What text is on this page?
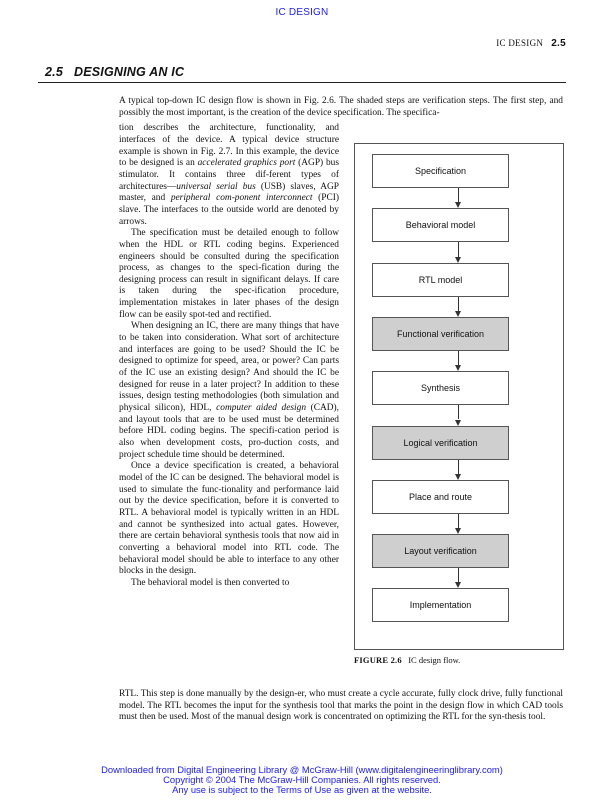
IC DESIGN
IC DESIGN 2.5
2.5   DESIGNING AN IC
A typical top-down IC design flow is shown in Fig. 2.6. The shaded steps are verification steps. The first step, and possibly the most important, is the creation of the device specification. The specifica-

tion describes the architecture, functionality, and interfaces of the device. A typical device structure example is shown in Fig. 2.7. In this example, the device to be designed is an accelerated graphics port (AGP) bus stimulator. It contains three dif-ferent types of architectures—universal serial bus (USB) slaves, AGP master, and peripheral com-ponent interconnect (PCI) slave. The interfaces to the outside world are denoted by arrows.

The specification must be detailed enough to follow when the HDL or RTL coding begins. Experienced engineers should be consulted during the specification process, as changes to the speci-fication during the designing process can result in significant delays. If care is taken during the spec-ification procedure, implementation mistakes in later phases of the design flow can be easily spot-ted and rectified.

When designing an IC, there are many things that have to be taken into consideration. What sort of architecture and interfaces are going to be used? Should the IC be designed to optimize for speed, area, or power? Can parts of the IC use an existing design? And should the IC be designed for reuse in a later project? In addition to these issues, design testing methodologies (both simulation and physical silicon), HDL, computer aided design (CAD), and layout tools that are to be used must be determined before HDL coding begins. The specifi-cation period is also when development costs, pro-duction costs, and project schedule time should be determined.

Once a device specification is created, a behavioral model of the IC can be designed. The behavioral model is used to simulate the func-tionality and performance laid out by the device specification, before it is converted to RTL. A behavioral model is typically written in an HDL and cannot be synthesized into actual gates. However, there are certain behavioral synthesis tools that now aid in converting a behavioral model into RTL code. The behavioral model should be able to interface to any other blocks in the design.

The behavioral model is then converted to

RTL. This step is done manually by the design-er, who must create a cycle accurate, fully clock drive, fully functional model. The RTL becomes the input for the synthesis tool that marks the point in the design flow in which CAD tools must then be used. Most of the manual design work is concentrated on optimizing the RTL for the syn-thesis tool.
Specification
Behavioral model
RTL model
Functional verification
Synthesis
Logical verification
Place and route
Layout verification
Implementation
FIGURE 2.6 IC design flow.
Downloaded from Digital Engineering Library @ McGraw-Hill (www.digitalengineeringlibrary.com)
Copyright © 2004 The McGraw-Hill Companies. All rights reserved.
Any use is subject to the Terms of Use as given at the website.
